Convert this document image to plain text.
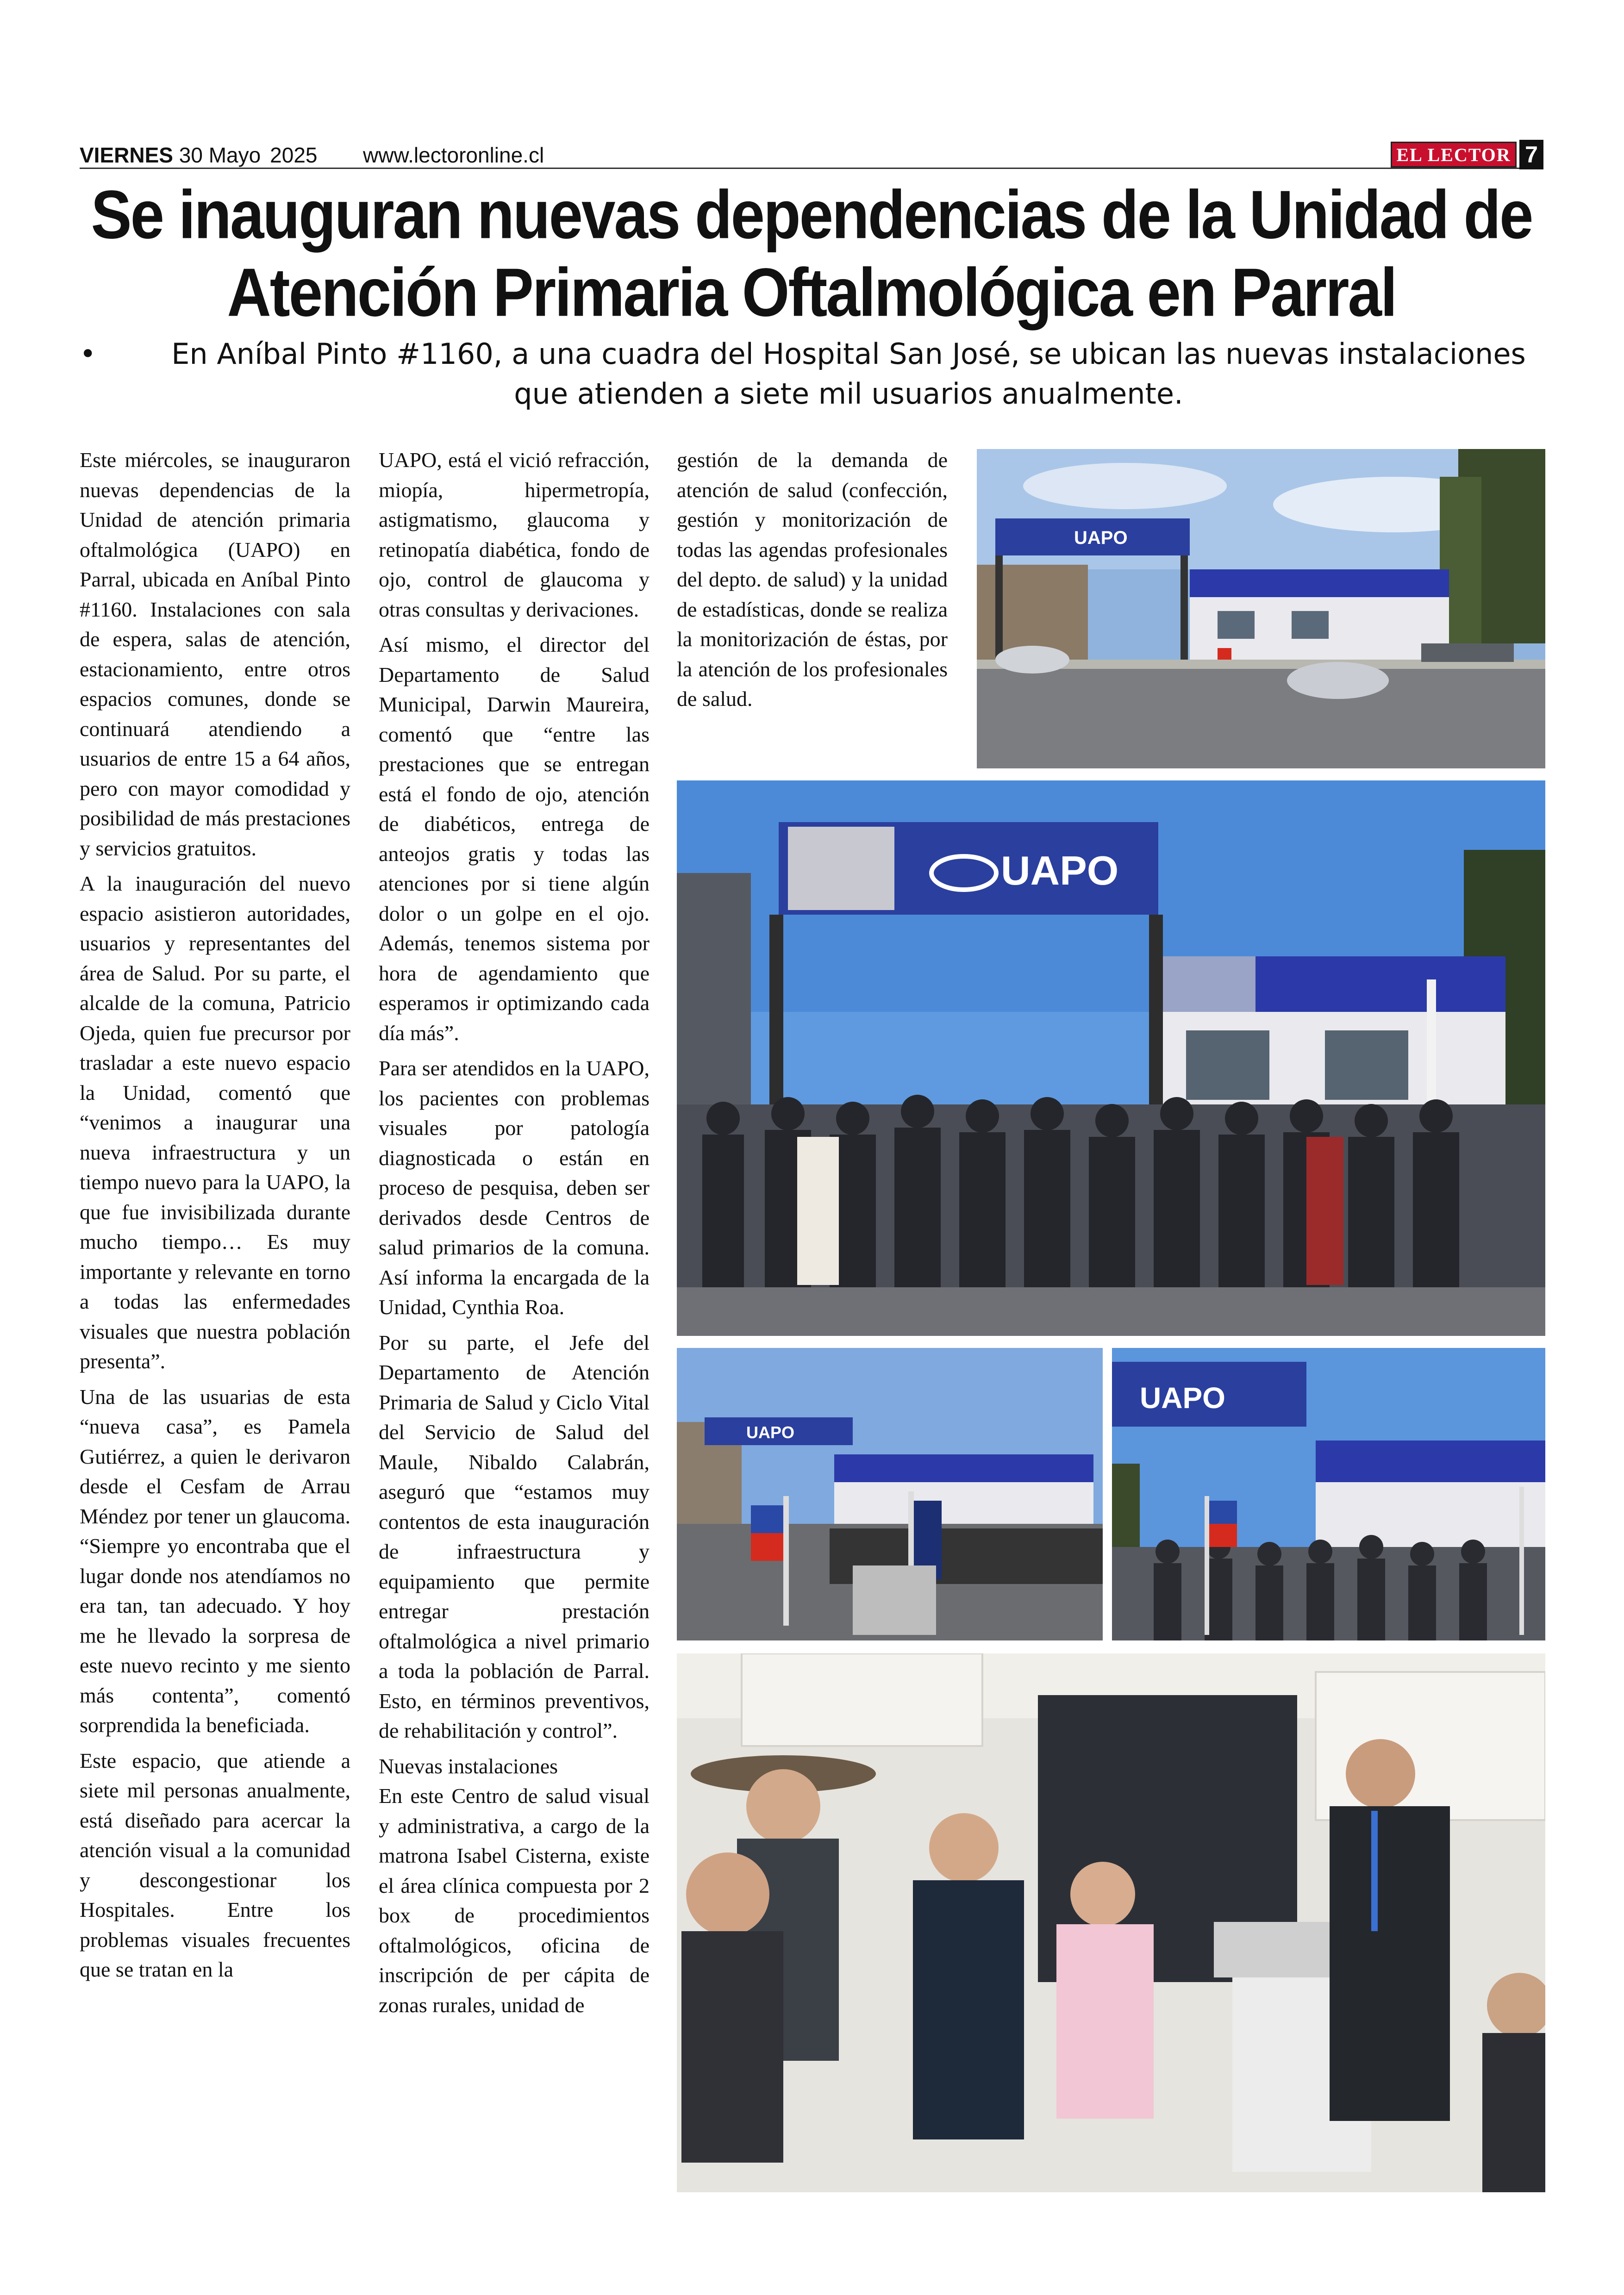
VIERNES 30 Mayo 2025 www.lectoronline.cl	EL LECTOR 7
Se inauguran nuevas dependencias de la Unidad de
Atención Primaria Oftalmológica en Parral
•	En Aníbal Pinto #1160, a una cuadra del Hospital San José, se ubican las nuevas instalaciones que atienden a siete mil usuarios anualmente.

Este miércoles, se inauguraron nuevas dependencias de la Unidad de atención primaria oftalmológica (UAPO) en Parral, ubicada en Aníbal Pinto #1160. Instalaciones con sala de espera, salas de atención, estacionamiento, entre otros espacios comunes, donde se continuará atendiendo a usuarios de entre 15 a 64 años, pero con mayor comodidad y posibilidad de más prestaciones y servicios gratuitos.

A la inauguración del nuevo espacio asistieron autoridades, usuarios y representantes del área de Salud. Por su parte, el alcalde de la comuna, Patricio Ojeda, quien fue precursor por trasladar a este nuevo espacio la Unidad, comentó que “venimos a inaugurar una nueva infraestructura y un tiempo nuevo para la UAPO, la que fue invisibilizada durante mucho tiempo… Es muy importante y relevante en torno a todas las enfermedades visuales que nuestra población presenta”.

Una de las usuarias de esta “nueva casa”, es Pamela Gutiérrez, a quien le derivaron desde el Cesfam de Arrau Méndez por tener un glaucoma. “Siempre yo encontraba que el lugar donde nos atendíamos no era tan, tan adecuado. Y hoy me he llevado la sorpresa de este nuevo recinto y me siento más contenta”, comentó sorprendida la beneficiada.

Este espacio, que atiende a siete mil personas anualmente, está diseñado para acercar la atención visual a la comunidad y descongestionar los Hospitales. Entre los problemas visuales frecuentes que se tratan en la

UAPO, está el vició refracción, miopía, hipermetropía, astigmatismo, glaucoma y retinopatía diabética, fondo de ojo, control de glaucoma y otras consultas y derivaciones.

Así mismo, el director del Departamento de Salud Municipal, Darwin Maureira, comentó que “entre las prestaciones que se entregan está el fondo de ojo, atención de diabéticos, entrega de anteojos gratis y todas las atenciones por si tiene algún dolor o un golpe en el ojo. Además, tenemos sistema por hora de agendamiento que esperamos ir optimizando cada día más”.

Para ser atendidos en la UAPO, los pacientes con problemas visuales por patología diagnosticada o están en proceso de pesquisa, deben ser derivados desde Centros de salud primarios de la comuna. Así informa la encargada de la Unidad, Cynthia Roa.

Por su parte, el Jefe del Departamento de Atención Primaria de Salud y Ciclo Vital del Servicio de Salud del Maule, Nibaldo Calabrán, aseguró que “estamos muy contentos de esta inauguración de infraestructura y equipamiento que permite entregar prestación oftalmológica a nivel primario a toda la población de Parral. Esto, en términos preventivos, de rehabilitación y control”.

Nuevas instalaciones

En este Centro de salud visual y administrativa, a cargo de la matrona Isabel Cisterna, existe el área clínica compuesta por 2 box de procedimientos oftalmológicos, oficina de inscripción de per cápita de zonas rurales, unidad de

gestión de la demanda de atención de salud (confección, gestión y monitorización de todas las agendas profesionales del depto. de salud) y la unidad de estadísticas, donde se realiza la monitorización de éstas, por la atención de los profesionales de salud.

UAPO
UAPO
UAPO
UAPO
